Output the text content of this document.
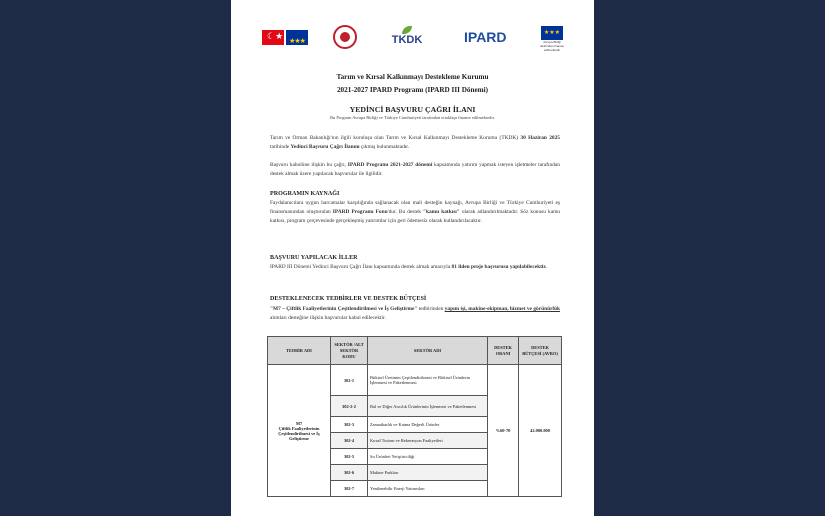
☾★ ★★★	TKDK	IPARD	★★★
Avrupa Birliği tarafından finanse edilmektedir
Tarım ve Kırsal Kalkınmayı Destekleme Kurumu
2021-2027 IPARD Programı (IPARD III Dönemi)
YEDİNCİ BAŞVURU ÇAĞRI İLANI
Bu Program Avrupa Birliği ve Türkiye Cumhuriyeti tarafından ortaklaşa finanse edilmektedir.

Tarım ve Orman Bakanlığı'nın ilgili kuruluşu olan Tarım ve Kırsal Kalkınmayı Destekleme Kurumu (TKDK) 30 Haziran 2025 tarihinde Yedinci Başvuru Çağrı İlanını çıkmış bulunmaktadır.

Başvuru kabulüne ilişkin bu çağrı, IPARD Programı 2021-2027 dönemi kapsamında yatırım yapmak isteyen işletmeler tarafından destek almak üzere yapılacak başvurular ile ilgilidir.

PROGRAMIN KAYNAĞI

Faydalanıcılara uygun harcamalar karşılığında sağlanacak olan mali desteğin kaynağı, Avrupa Birliği ve Türkiye Cumhuriyeti eş finansmanından oluşturulan IPARD Programı Fonu'dur. Bu destek "kamu katkısı" olarak adlandırılmaktadır. Söz konusu kamu katkısı, program çerçevesinde gerçekleşmiş yatırımlar için geri ödemesiz olarak kullandırılacaktır.

BAŞVURU YAPILACAK İLLER

IPARD III Dönemi Yedinci Başvuru Çağrı İlanı kapsamında destek almak amacıyla 81 ilden proje başvurusu yapılabilecektir.

DESTEKLENECEK TEDBİRLER VE DESTEK BÜTÇESİ

"M7 – Çiftlik Faaliyetlerinin Çeşitlendirilmesi ve İş Geliştirme" tedbirinden yapım işi, makine-ekipman, hizmet ve görünürlük alımları desteğine ilişkin başvurular kabul edilecektir.

TEDBİR ADI	SEKTÖR /ALT SEKTÖR KODU	SEKTÖR ADI	DESTEK ORANI	DESTEK BÜTÇESİ (AVRO)
M7
Çiftlik Faaliyetlerinin Çeşitlendirilmesi ve İş Geliştirme	302-1	Bitkisel Üretimin Çeşitlendirilmesi ve Bitkisel Ürünlerin İşlenmesi ve Paketlenmesi	%60-70	42.000.000
	302-2-2	Bal ve Diğer Arıcılık Ürünlerinin İşlenmesi ve Paketlenmesi		
	302-3	Zanaatkarlık ve Katma Değerli Ürünler		
	302-4	Kırsal Turizm ve Rekreasyon Faaliyetleri		
	302-5	Su Ürünleri Yetiştiriciliği		
	302-6	Makine Parkları		
	302-7	Yenilenebilir Enerji Yatırımları		
